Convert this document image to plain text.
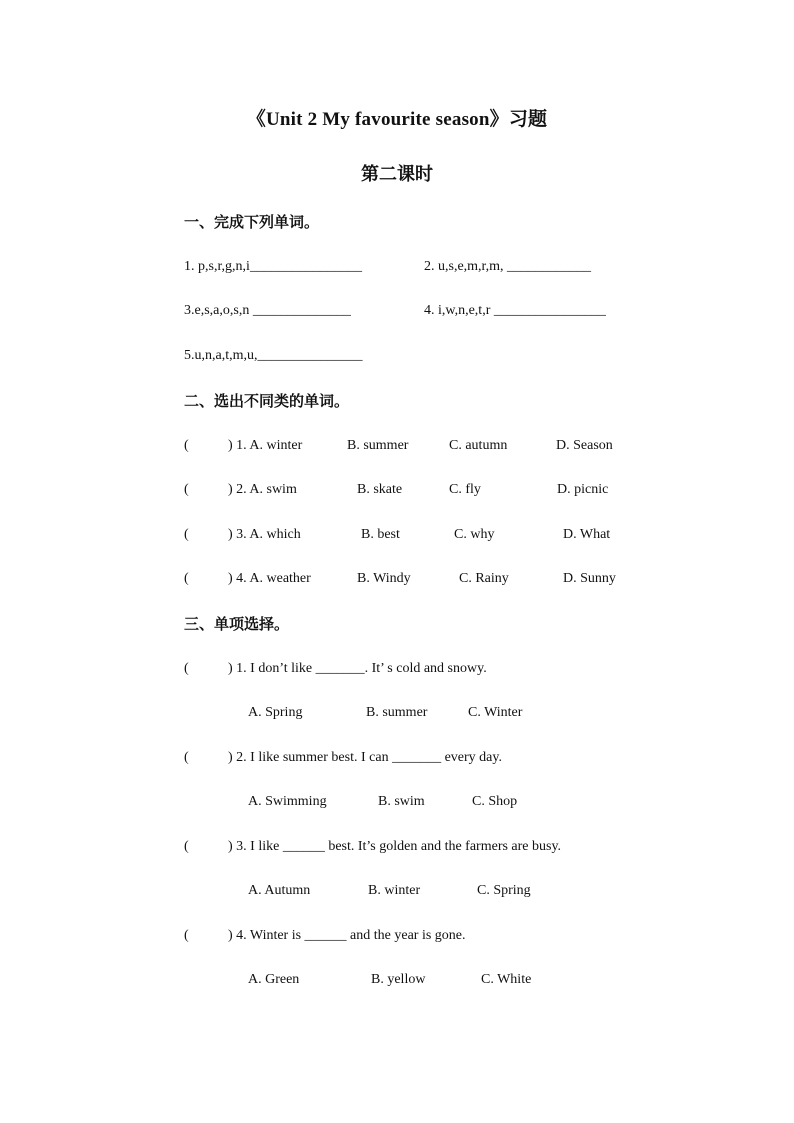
《Unit 2 My favourite season》习题
第二课时
一、完成下列单词。
1. p,s,r,g,n,i________________	2. u,s,e,m,r,m, ____________
3.e,s,a,o,s,n ______________	4. i,w,n,e,t,r ________________
5.u,n,a,t,m,u,_______________
二、选出不同类的单词。
(	) 1. A. winter	B. summer	C. autumn	D. Season
(	) 2. A. swim	B. skate	C. fly	D. picnic
(	) 3. A. which	B. best	C. why	D. What
(	) 4. A. weather	B. Windy	C. Rainy	D. Sunny
三、单项选择。
(	) 1. I don’t like _______. It’ s cold and snowy.
A. Spring	B. summer	C. Winter
(	) 2. I like summer best. I can _______ every day.
A. Swimming	B. swim	C. Shop
(	) 3. I like ______ best. It’s golden and the farmers are busy.
A. Autumn	B. winter	C. Spring
(	) 4. Winter is ______ and the year is gone.
A. Green	B. yellow	C. White
